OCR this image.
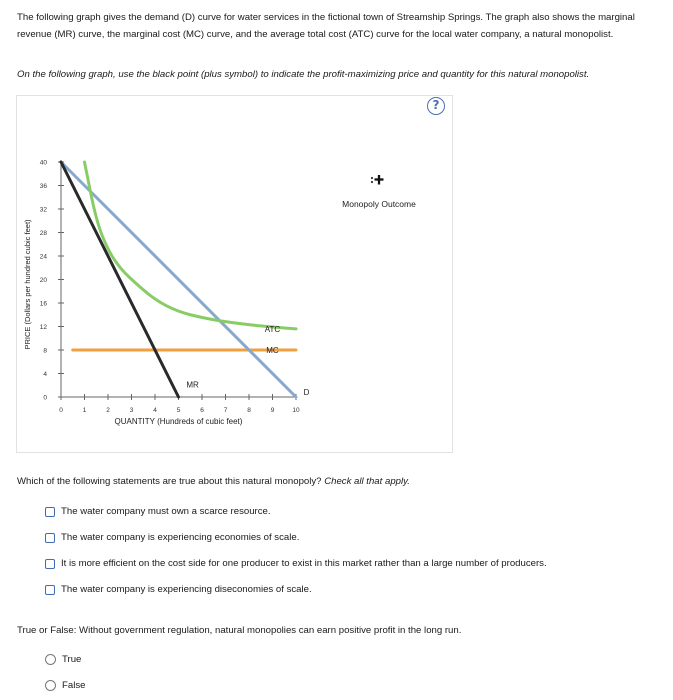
The following graph gives the demand (D) curve for water services in the fictional town of Streamship Springs. The graph also shows the marginal revenue (MR) curve, the marginal cost (MC) curve, and the average total cost (ATC) curve for the local water company, a natural monopolist.
On the following graph, use the black point (plus symbol) to indicate the profit-maximizing price and quantity for this natural monopolist.
?
0
4
8
12
16
20
24
28
32
36
40
0	1	2	3	4	5	6	7	8	9	10
QUANTITY (Hundreds of cubic feet)
PRICE (Dollars per hundred cubic feet)	ATC
MC
MR
D
Monopoly Outcome
Which of the following statements are true about this natural monopoly? Check all that apply.
The water company must own a scarce resource.
The water company is experiencing economies of scale.
It is more efficient on the cost side for one producer to exist in this market rather than a large number of producers.
The water company is experiencing diseconomies of scale.
True or False: Without government regulation, natural monopolies can earn positive profit in the long run.
True
False
